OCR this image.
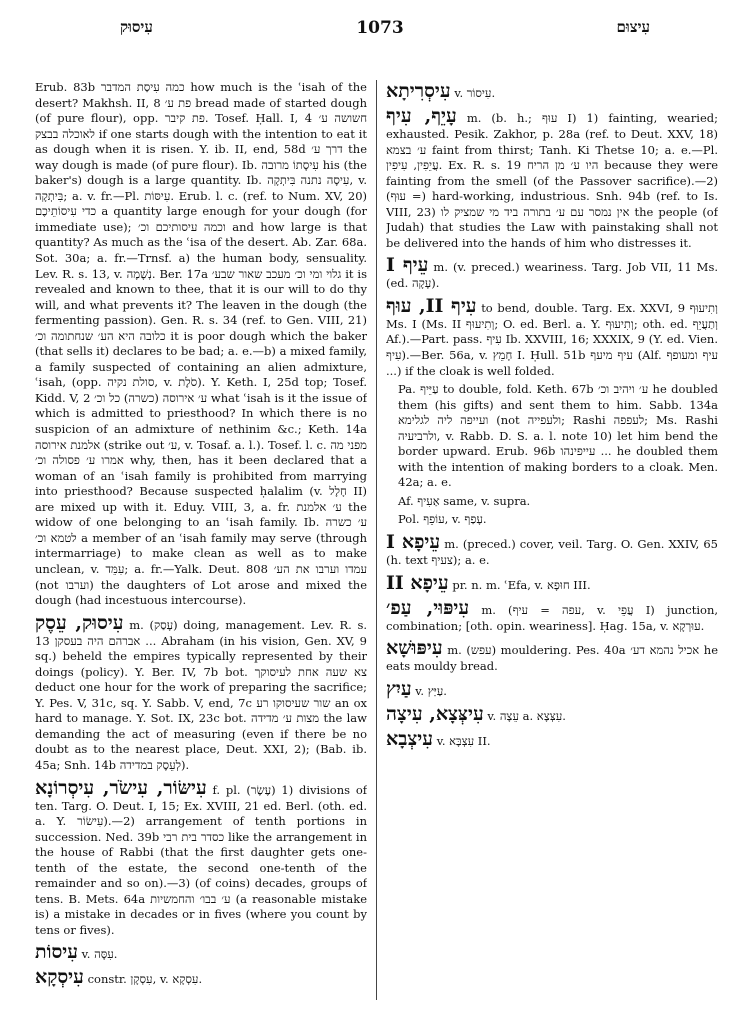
עִיסוּק	1073	עִיצוּם

Erub. 83b כמה עִיסַת המדבר how much is the ʿisah of the desert? Makhsh. II, 8 פת ע׳ bread made of started dough (of pure flour), opp. פת קיבר. Tosef. Ḥall. I, 4 חשושה ע׳ לאוכלה בבצק if one starts dough with the intention to eat it as dough when it is risen. Y. ib. II, end, 58d דרך ע׳ the way dough is made (of pure flour). Ib. עִיסָתוֹ מרובה his (the baker's) dough is a large quantity. Ib. עִיסָה נתנה בִּיתְקָה, v. בִּיתְקָה; a. v. fr.—Pl. עִיסּוֹת. Erub. l. c. (ref. to Num. XV, 20) כדי עִיסוֹתֵיכֶם a quantity large enough for your dough (for immediate use); וכמה עיסותיכם וכ׳ and how large is that quantity? As much as the ʿisa of the desert. Ab. Zar. 68a. Sot. 30a; a. fr.—Trnsf. a) the human body, sensuality. Lev. R. s. 13, v. נְשָׁמָה. Ber. 17a גלוי ומי וכ׳ מעכב שאור שבע׳ it is revealed and known to thee, that it is our will to do thy will, and what prevents it? The leaven in the dough (the fermenting passion). Gen. R. s. 34 (ref. to Gen. VIII, 21) כלובה היא הע׳ שנחתומה וכ׳ it is poor dough which the baker (that sells it) declares to be bad; a. e.—b) a mixed family, a family suspected of containing an alien admixture, ʿisah, (opp. סולת נקיה, v. סֹלֶת). Y. Keth. I, 25d top; Tosef. Kidd. V, 2 ע׳ אירוסה (כשרה) כל וכ׳ what ʿisah is it the issue of which is admitted to priesthood? In which there is no suspicion of an admixture of nethinim &c.; Keth. 14a אלמנת אירוסה (strike out ע׳, v. Tosaf. a. l.). Tosef. l. c. מפני מה אמרו ע׳ פסולה וכ׳ why, then, has it been declared that a woman of an ʿisah family is prohibited from marrying into priesthood? Because suspected ḥalalim (v. חָלָל II) are mixed up with it. Eduy. VIII, 3, a. fr. ע׳ אלמנת the widow of one belonging to an ʿisah family. Ib. ע׳ כשרה לטמא וכ׳ a member of an ʿisah family may serve (through intermarriage) to make clean as well as to make unclean, v. עִמֵּד; a. fr.—Yalk. Deut. 808 עמדו וערבו את הע׳ (not וערבו) the daughters of Lot arose and mixed the dough (had incestuous intercourse).

עִיסוּק, עֵסֶק m. (עָסַק) doing, management. Lev. R. s. 13 אברהם היה בעסקן ... Abraham (in his vision, Gen. XV, 9 sq.) beheld the empires typically represented by their doings (policy). Y. Ber. IV, 7b bot. צא שעה אחת לעיסוקך deduct one hour for the work of preparing the sacrifice; Y. Pes. V, 31c, sq. Y. Sabb. V, end, 7c שור שעיסוקו רע an ox hard to manage. Y. Sot. IX, 23c bot. מצות ע׳ מדידה the law demanding the act of measuring (even if there be no doubt as to the nearest place, Deut. XXI, 2); (Bab. ib. 45a; Snh. 14b לְעֵסֶק במדידה).

עִישּׂוֹר, עִישֹׂר, עִיסְרוֹנָא f. pl. (עֶשֶׂר) 1) divisions of ten. Targ. O. Deut. I, 15; Ex. XVIII, 21 ed. Berl. (oth. ed. a. Y. עִישׂוֹר).—2) arrangement of tenth portions in succession. Ned. 39b כסדר בית רבי like the arrangement in the house of Rabbi (that the first daughter gets one-tenth of the estate, the second one-tenth of the remainder and so on).—3) (of coins) decades, groups of tens. B. Mets. 64a ע׳ בבו׳ והחמשיות (a reasonable mistake is) a mistake in decades or in fives (where you count by tens or fives).

עִיסוֹת v. עִסָּה.

עִיסְקָא constr. עִסְקָן, v. עִסְקָא.

עִיסְרִיתָא v. עִיסוֹר.

עָיֵף, עִיף m. (b. h.; עוּף I) 1) fainting, wearied; exhausted. Pesik. Zakhor, p. 28a (ref. to Deut. XXV, 18) ע׳ בצמא faint from thirst; Tanh. Ki Thetse 10; a. e.—Pl. עֲיֵפִין, עִיפִין. Ex. R. s. 19 היו ע׳ מן הריח because they were fainting from the smell (of the Passover sacrifice).—2) (עוּף =) hard-working, industrious. Snh. 94b (ref. to Is. VIII, 23) אין נמסר עם ע׳ בתורה ביד מי שמציק לו the people (of Judah) that studies the Law with painstaking shall not be delivered into the hands of him who distresses it.

עֵיף I m. (v. preced.) weariness. Targ. Job VII, 11 Ms. (ed. עָקָה).

עִיף II, עוּף to bend, double. Targ. Ex. XXVI, 9 וְתִיעוּף Ms. I (Ms. II וְתִיעוּף; O. ed. Berl. a. Y. וְתִיעוּף; oth. ed. וְתַעֲיֵף Af.).—Part. pass. עִיף Ib. XXVIII, 16; XXXIX, 9 (Y. ed. Vien. עִיף).—Ber. 56a, v. חָמֵץ I. Ḥull. 51b עיף מיעף (Alf. עיף ומעופף ...) if the cloak is well folded.

Pa. עַיֵּיף to double, fold. Keth. 67b ע׳ ויהיב וכ׳ he doubled them (his gifts) and sent them to him. Sabb. 134a ועייפה ליה לגלימא (not ולעפייה; Rashi לעפפה; Ms. Rashi ולרביעיה, v. Rabb. D. S. a. l. note 10) let him bend the border upward. Erub. 96b עייפינהו ... he doubled them with the intention of making borders to a cloak. Men. 42a; a. e.

Af. אַעִיף same, v. supra.

Pol. עוֹפֵף, v. עָפַף.

עֵיפָא I m. (preced.) cover, veil. Targ. O. Gen. XXIV, 65 (h. text צעיף); a. e.

עֵיפָא II pr. n. m. ʿEfa, v. חוּפָא III.

עִיפּוּי, עַפ׳ m. (עפה = עיף, v. עֲפֵי I) junction, combination; [oth. opin. weariness]. Ḥag. 15a, v. עוּרְקָא.

עִיפּוּשָׁא m. (עפש) mouldering. Pes. 40a אכיל נהמא דע׳ he eats mouldy bread.

עַיִץ v. עַיַּץ.

עִיצְּצָא, עִיצָה v. עֵצָה a. עִצְּצָא.

עִיצְבָא v. עִצְבָּא II.
